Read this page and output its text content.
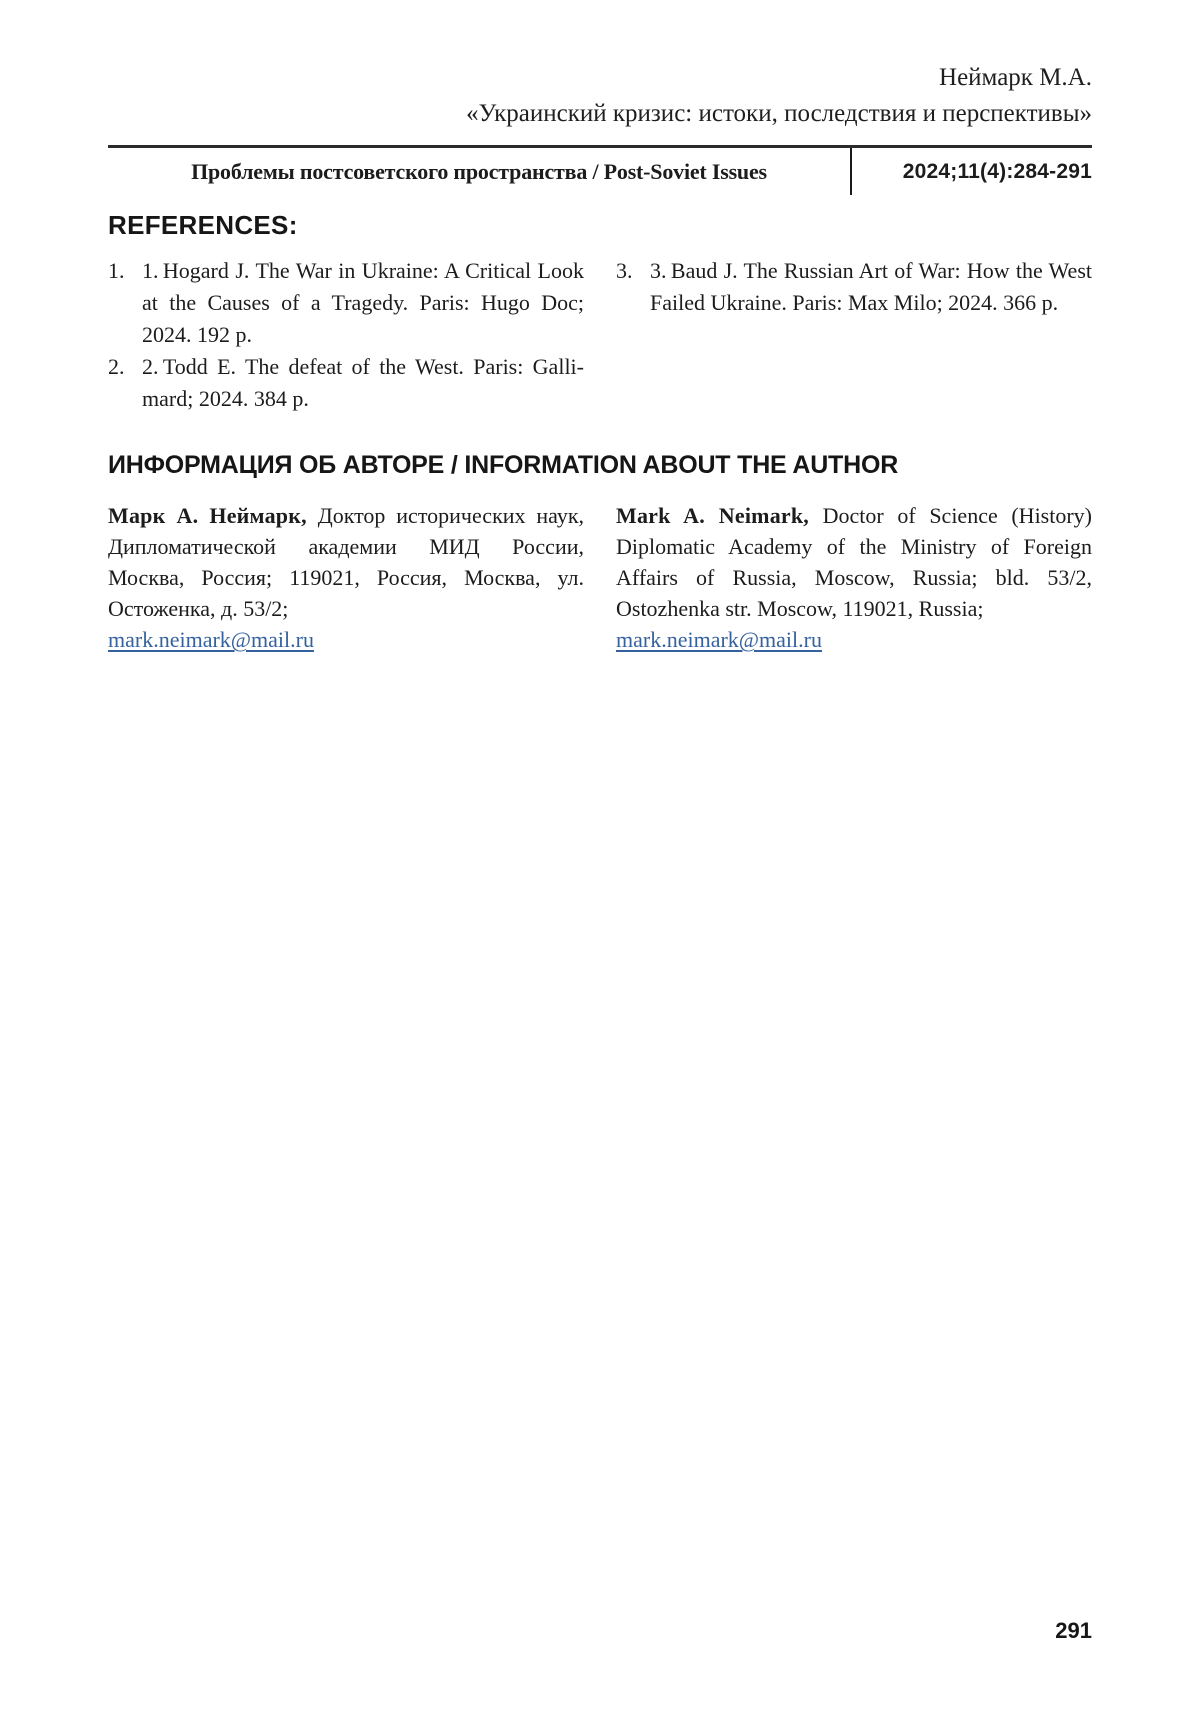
Неймарк М.А.
«Украинский кризис: истоки, последствия и перспективы»
Проблемы постсоветского пространства / Post-Soviet Issues	2024;11(4):284-291
REFERENCES:
1. 1. Hogard J. The War in Ukraine: A Critical Look at the Causes of a Tragedy. Paris: Hugo Doc; 2024. 192 p.
2. 2. Todd E. The defeat of the West. Paris: Gallimard; 2024. 384 p.
3. 3. Baud J. The Russian Art of War: How the West Failed Ukraine. Paris: Max Milo; 2024. 366 p.
ИНФОРМАЦИЯ ОБ АВТОРЕ / INFORMATION ABOUT THE AUTHOR
Марк А. Неймарк, Доктор исторических наук, Дипломатической академии МИД России, Москва, Россия; 119021, Россия, Москва, ул. Остоженка, д. 53/2;
mark.neimark@mail.ru
Mark A. Neimark, Doctor of Science (History) Diplomatic Academy of the Ministry of Foreign Affairs of Russia, Moscow, Russia; bld. 53/2, Ostozhenka str. Moscow, 119021, Russia;
mark.neimark@mail.ru
291
